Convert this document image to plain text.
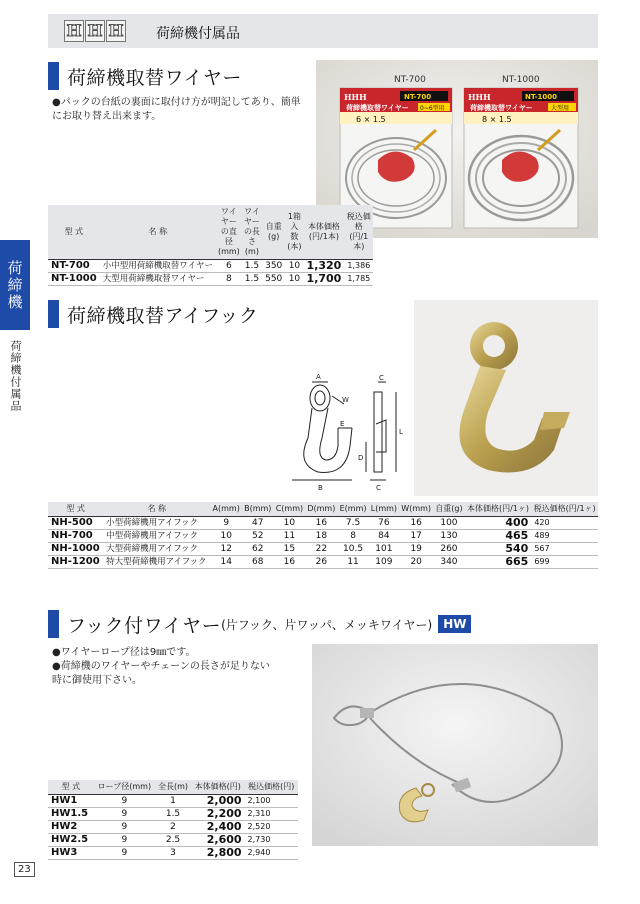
H H H 荷締機付属品
荷締機
荷締機付属品
23
荷締機取替ワイヤー
●パックの台紙の裏面に取付け方が明記してあり、簡単にお取り替え出来ます。
NT-700	NT-1000
HHH	NT-700
荷締機取替ワイヤー 0~6型用
6 × 1.5
HHH	NT-1000
荷締機取替ワイヤー	大型用
8 × 1.5
型 式	名 称	ワイヤーの直径(mm)	ワイヤーの長さ(m)	自重(g)	1箱入数(本)	本体価格(円/1本)	税込価格(円/1本)
NT-700	小中型用荷締機取替ワイヤー	6	1.5	350	10	1,320	1,386
NT-1000	大型用荷締機取替ワイヤー	8	1.5	550	10	1,700	1,785
荷締機取替アイフック
A
W
L
C
D
E
B	C
型 式	名 称	A(mm)	B(mm)	C(mm)	D(mm)	E(mm)	L(mm)	W(mm)	自重(g)	本体価格(円/1ヶ)	税込価格(円/1ヶ)
NH-500	小型荷締機用アイフック	9	47	10	16	7.5	76	16	100	400	420
NH-700	中型荷締機用アイフック	10	52	11	18	8	84	17	130	465	489
NH-1000	大型荷締機用アイフック	12	62	15	22	10.5	101	19	260	540	567
NH-1200	特大型荷締機用アイフック	14	68	16	26	11	109	20	340	665	699
フック付ワイヤー (片フック、片ワッパ、メッキワイヤー) HW
●ワイヤーロープ径は9㎜です。
●荷締機のワイヤーやチェーンの長さが足りない時に御使用下さい。
型 式	ロープ径(mm)	全長(m)	本体価格(円)	税込価格(円)
HW1	9	1	2,000	2,100
HW1.5	9	1.5	2,200	2,310
HW2	9	2	2,400	2,520
HW2.5	9	2.5	2,600	2,730
HW3	9	3	2,800	2,940
